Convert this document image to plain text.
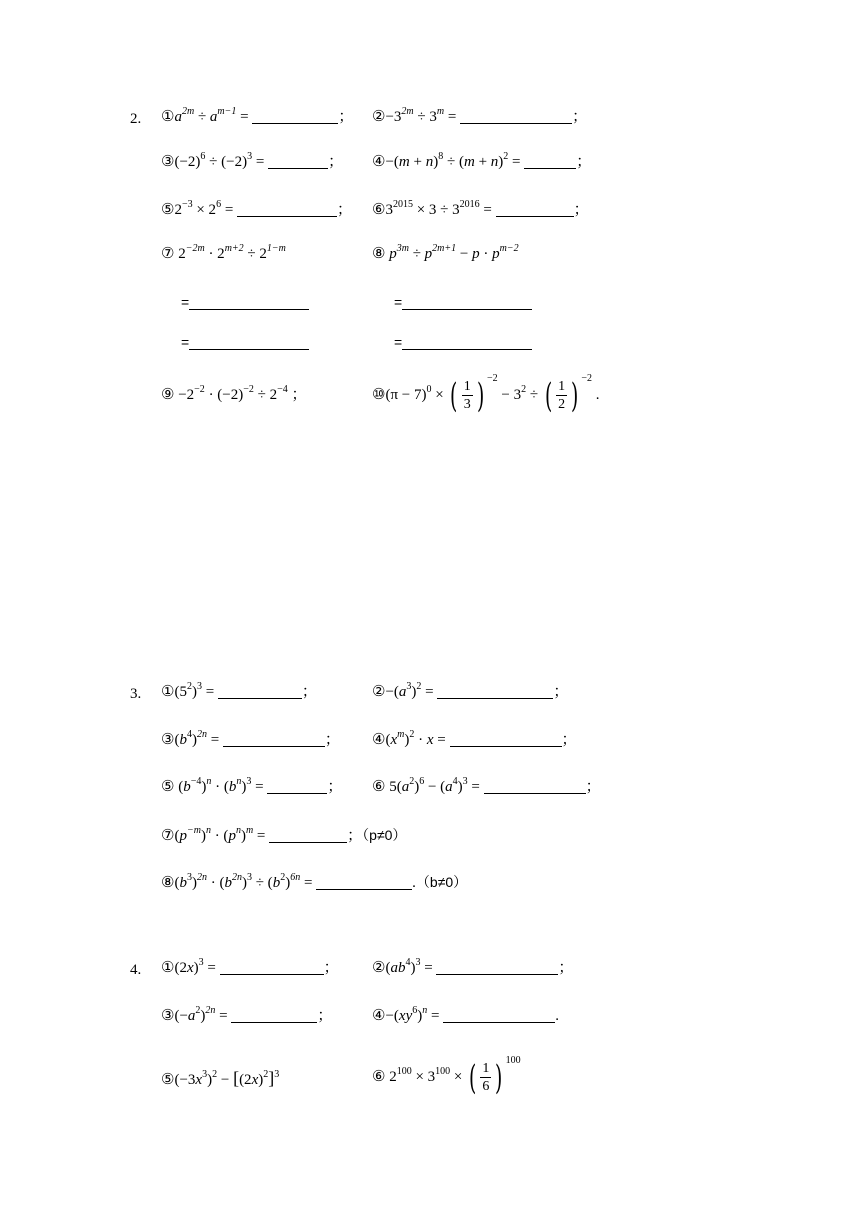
2. $①a^{2m} \div a^{m-1}$ =	； $②-3^{2m} \div 3^m$ =	；
$③(-2)^6 \div (-2)^3$ =	； ④−(m + $n)^8 \div (m + n)^2$ =	；
$⑤2^{-3} \times 2^6$ =	； $⑥3^{2015} \times 3 \div 3^{2016}$ =	；
⑦ $2^{-2m} \cdot 2^{m+2} \div 2^{1-m}$	⑧ $p^{3m} \div p^{2m+1} - p \cdot p^{m-2}$
=	=
=	=
⑨ $-2^{-2} \cdot (-2)^{-2} \div 2^{-4}$ ；	⑩(π − 7)$^0$ × ( $\frac{1}{3}$ ) $^{-2} - 3^2$ ÷ ( $\frac{1}{2}$ ) $^{-2}$ .
3. $①(5^2)^3$ =	；	$②-(a^3)^2$ =	；
$③(b^4)^{2n}$ =	； $④(x^m)^2 \cdot x$ =	；
⑤ $(b^{-4})^n \cdot (b^n)^3$ =	； ⑥ $5(a^2)^6 - (a^4)^3$ =	；
$⑦(p^{-m})^n \cdot (p^n)^m$ =	；（p≠0）
$⑧(b^3)^{2n} \cdot (b^{2n})^3 \div (b^2)^{6n}$ =	.（b≠0）
4. $①(2x)^3$ =	； $②(ab^4)^3$ =	；
$③(-a^2)^{2n}$ =	；	$④-(xy^6)^n$ =	.
$⑤(-3x^3)^2 - [(2x)^2]^3$	⑥ $2^{100} \times 3^{100}$ × ( $\frac{1}{6}$ ) $^{100}$
